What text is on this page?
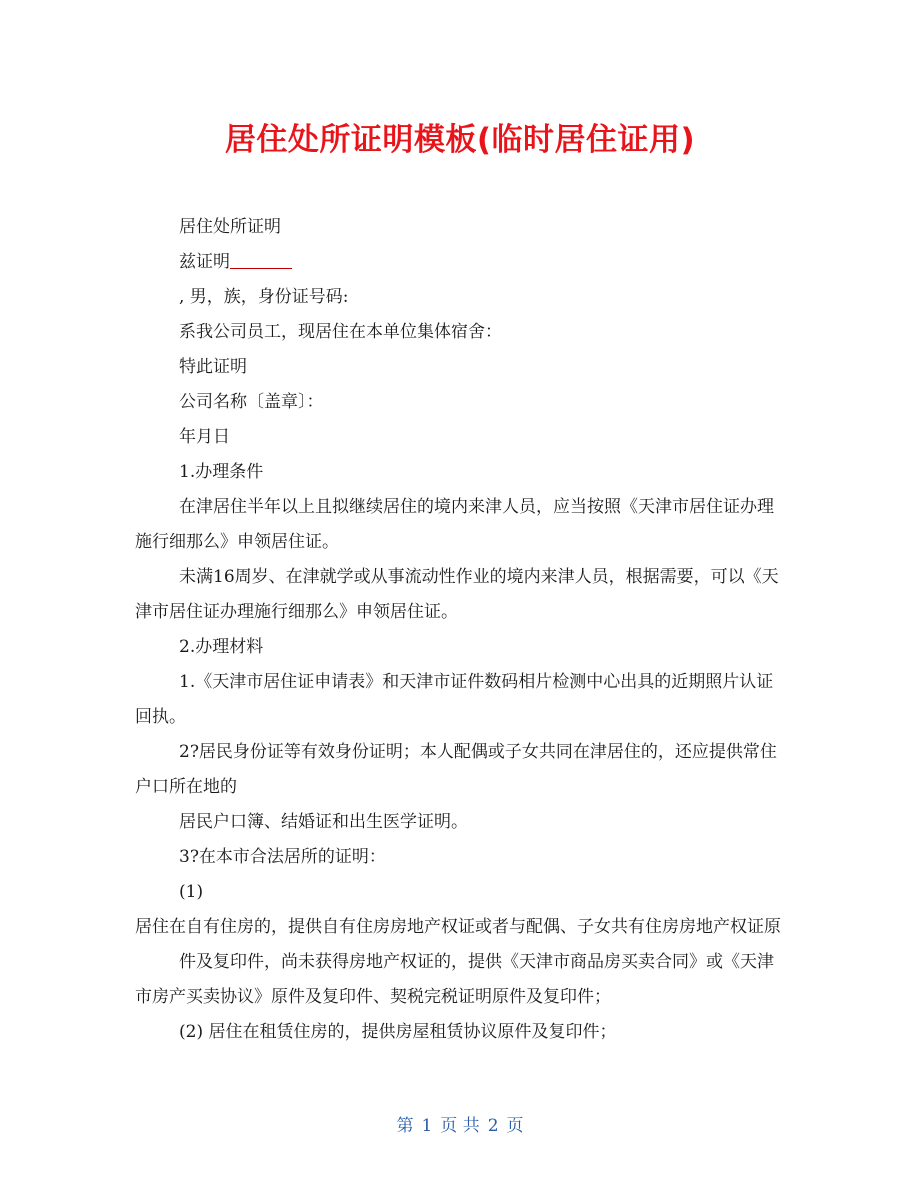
居住处所证明模板(临时居住证用)

居住处所证明

兹证明

, 男，族，身份证号码:

系我公司员工，现居住在本单位集体宿舍：

特此证明

公司名称〔盖章〕：

年月日

1.办理条件

在津居住半年以上且拟继续居住的境内来津人员，应当按照《天津市居住证办理施行细那么》申领居住证。

未满16周岁、在津就学或从事流动性作业的境内来津人员，根据需要，可以《天津市居住证办理施行细那么》申领居住证。

2.办理材料

1.《天津市居住证申请表》和天津市证件数码相片检测中心出具的近期照片认证回执。

2?居民身份证等有效身份证明；本人配偶或子女共同在津居住的，还应提供常住户口所在地的

居民户口簿、结婚证和出生医学证明。

3?在本市合法居所的证明：

(1)

居住在自有住房的，提供自有住房房地产权证或者与配偶、子女共有住房房地产权证原

件及复印件，尚未获得房地产权证的，提供《天津市商品房买卖合同》或《天津市房产买卖协议》原件及复印件、契税完税证明原件及复印件；

(2) 居住在租赁住房的，提供房屋租赁协议原件及复印件；

第 1 页 共 2 页
